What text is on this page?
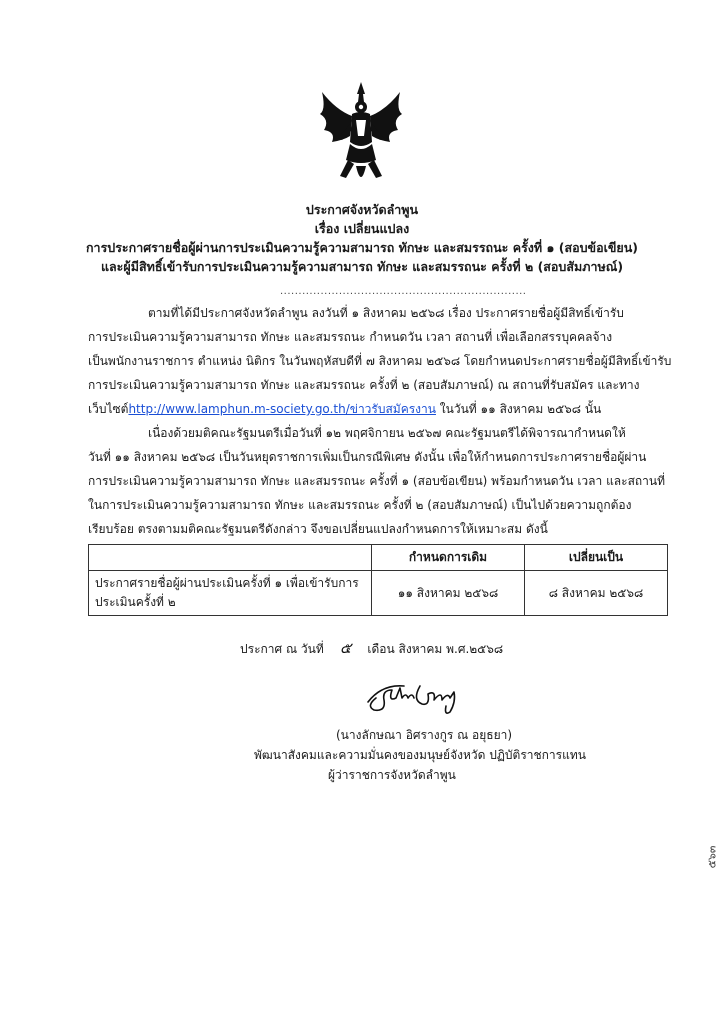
ประกาศจังหวัดลำพูน
เรื่อง เปลี่ยนแปลง
การประกาศรายชื่อผู้ผ่านการประเมินความรู้ความสามารถ ทักษะ และสมรรถนะ ครั้งที่ ๑ (สอบข้อเขียน)
และผู้มีสิทธิ์เข้ารับการประเมินความรู้ความสามารถ ทักษะ และสมรรถนะ ครั้งที่ ๒ (สอบสัมภาษณ์)
...................................................................
ตามที่ได้มีประกาศจังหวัดลำพูน ลงวันที่ ๑ สิงหาคม ๒๕๖๘ เรื่อง ประกาศรายชื่อผู้มีสิทธิ์เข้ารับ
การประเมินความรู้ความสามารถ ทักษะ และสมรรถนะ กำหนดวัน เวลา สถานที่ เพื่อเลือกสรรบุคคลจ้าง
เป็นพนักงานราชการ ตำแหน่ง นิติกร ในวันพฤหัสบดีที่ ๗ สิงหาคม ๒๕๖๘ โดยกำหนดประกาศรายชื่อผู้มีสิทธิ์เข้ารับ
การประเมินความรู้ความสามารถ ทักษะ และสมรรถนะ ครั้งที่ ๒ (สอบสัมภาษณ์) ณ สถานที่รับสมัคร และทาง
เว็บไซต์http://www.lamphun.m-society.go.th/ข่าวรับสมัครงาน ในวันที่ ๑๑ สิงหาคม ๒๕๖๘ นั้น
เนื่องด้วยมติคณะรัฐมนตรีเมื่อวันที่ ๑๒ พฤศจิกายน ๒๕๖๗ คณะรัฐมนตรีได้พิจารณากำหนดให้
วันที่ ๑๑ สิงหาคม ๒๕๖๘ เป็นวันหยุดราชการเพิ่มเป็นกรณีพิเศษ ดังนั้น เพื่อให้กำหนดการประกาศรายชื่อผู้ผ่าน
การประเมินความรู้ความสามารถ ทักษะ และสมรรถนะ ครั้งที่ ๑ (สอบข้อเขียน) พร้อมกำหนดวัน เวลา และสถานที่
ในการประเมินความรู้ความสามารถ ทักษะ และสมรรถนะ ครั้งที่ ๒ (สอบสัมภาษณ์) เป็นไปด้วยความถูกต้อง
เรียบร้อย ตรงตามมติคณะรัฐมนตรีดังกล่าว จึงขอเปลี่ยนแปลงกำหนดการให้เหมาะสม ดังนี้
	กำหนดการเดิม	เปลี่ยนเป็น

ประกาศรายชื่อผู้ผ่านประเมินครั้งที่ ๑ เพื่อเข้ารับการ
ประเมินครั้งที่ ๒	๑๑ สิงหาคม ๒๕๖๘	๘ สิงหาคม ๒๕๖๘
ประกาศ ณ วันที่ ๕ เดือน สิงหาคม พ.ศ.๒๕๖๘
(นางลักษณา อิศรางกูร ณ อยุธยา)
พัฒนาสังคมและความมั่นคงของมนุษย์จังหวัด ปฏิบัติราชการแทน
ผู้ว่าราชการจังหวัดลำพูน
๕๖๓
